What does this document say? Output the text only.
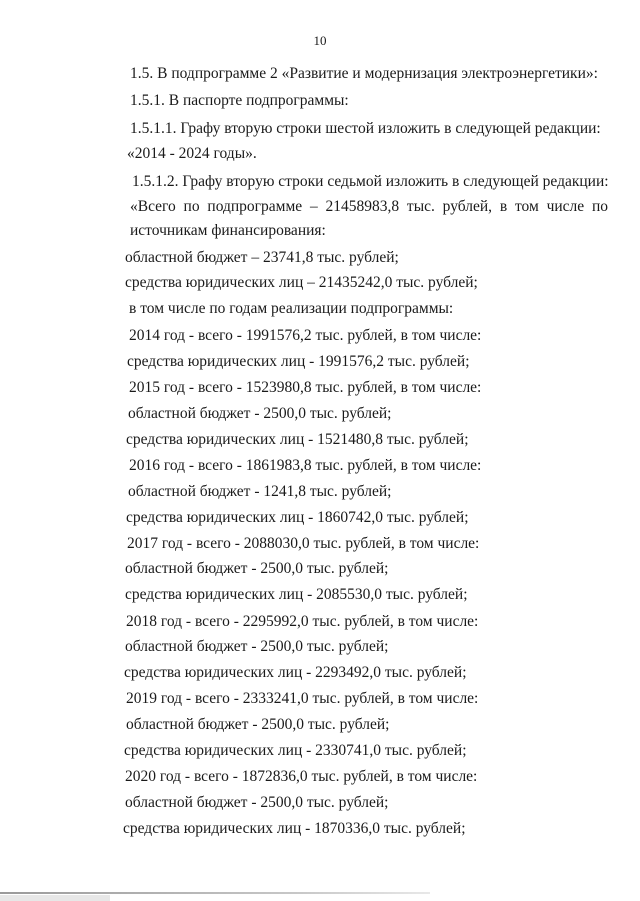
10
1.5. В подпрограмме 2 «Развитие и модернизация электроэнергетики»:
1.5.1. В паспорте подпрограммы:
1.5.1.1. Графу вторую строки шестой изложить в следующей редакции:
«2014 - 2024 годы».
1.5.1.2. Графу вторую строки седьмой изложить в следующей редакции:
«Всего по подпрограмме – 21458983,8 тыс. рублей, в том числе по
источникам финансирования:
областной бюджет – 23741,8 тыс. рублей;
средства юридических лиц – 21435242,0 тыс. рублей;
в том числе по годам реализации подпрограммы:
2014 год - всего - 1991576,2 тыс. рублей, в том числе:
средства юридических лиц - 1991576,2 тыс. рублей;
2015 год - всего - 1523980,8 тыс. рублей, в том числе:
областной бюджет - 2500,0 тыс. рублей;
средства юридических лиц - 1521480,8 тыс. рублей;
2016 год - всего - 1861983,8 тыс. рублей, в том числе:
областной бюджет - 1241,8 тыс. рублей;
средства юридических лиц - 1860742,0 тыс. рублей;
2017 год - всего - 2088030,0 тыс. рублей, в том числе:
областной бюджет - 2500,0 тыс. рублей;
средства юридических лиц - 2085530,0 тыс. рублей;
2018 год - всего - 2295992,0 тыс. рублей, в том числе:
областной бюджет - 2500,0 тыс. рублей;
средства юридических лиц - 2293492,0 тыс. рублей;
2019 год - всего - 2333241,0 тыс. рублей, в том числе:
областной бюджет - 2500,0 тыс. рублей;
средства юридических лиц - 2330741,0 тыс. рублей;
2020 год - всего - 1872836,0 тыс. рублей, в том числе:
областной бюджет - 2500,0 тыс. рублей;
средства юридических лиц - 1870336,0 тыс. рублей;
